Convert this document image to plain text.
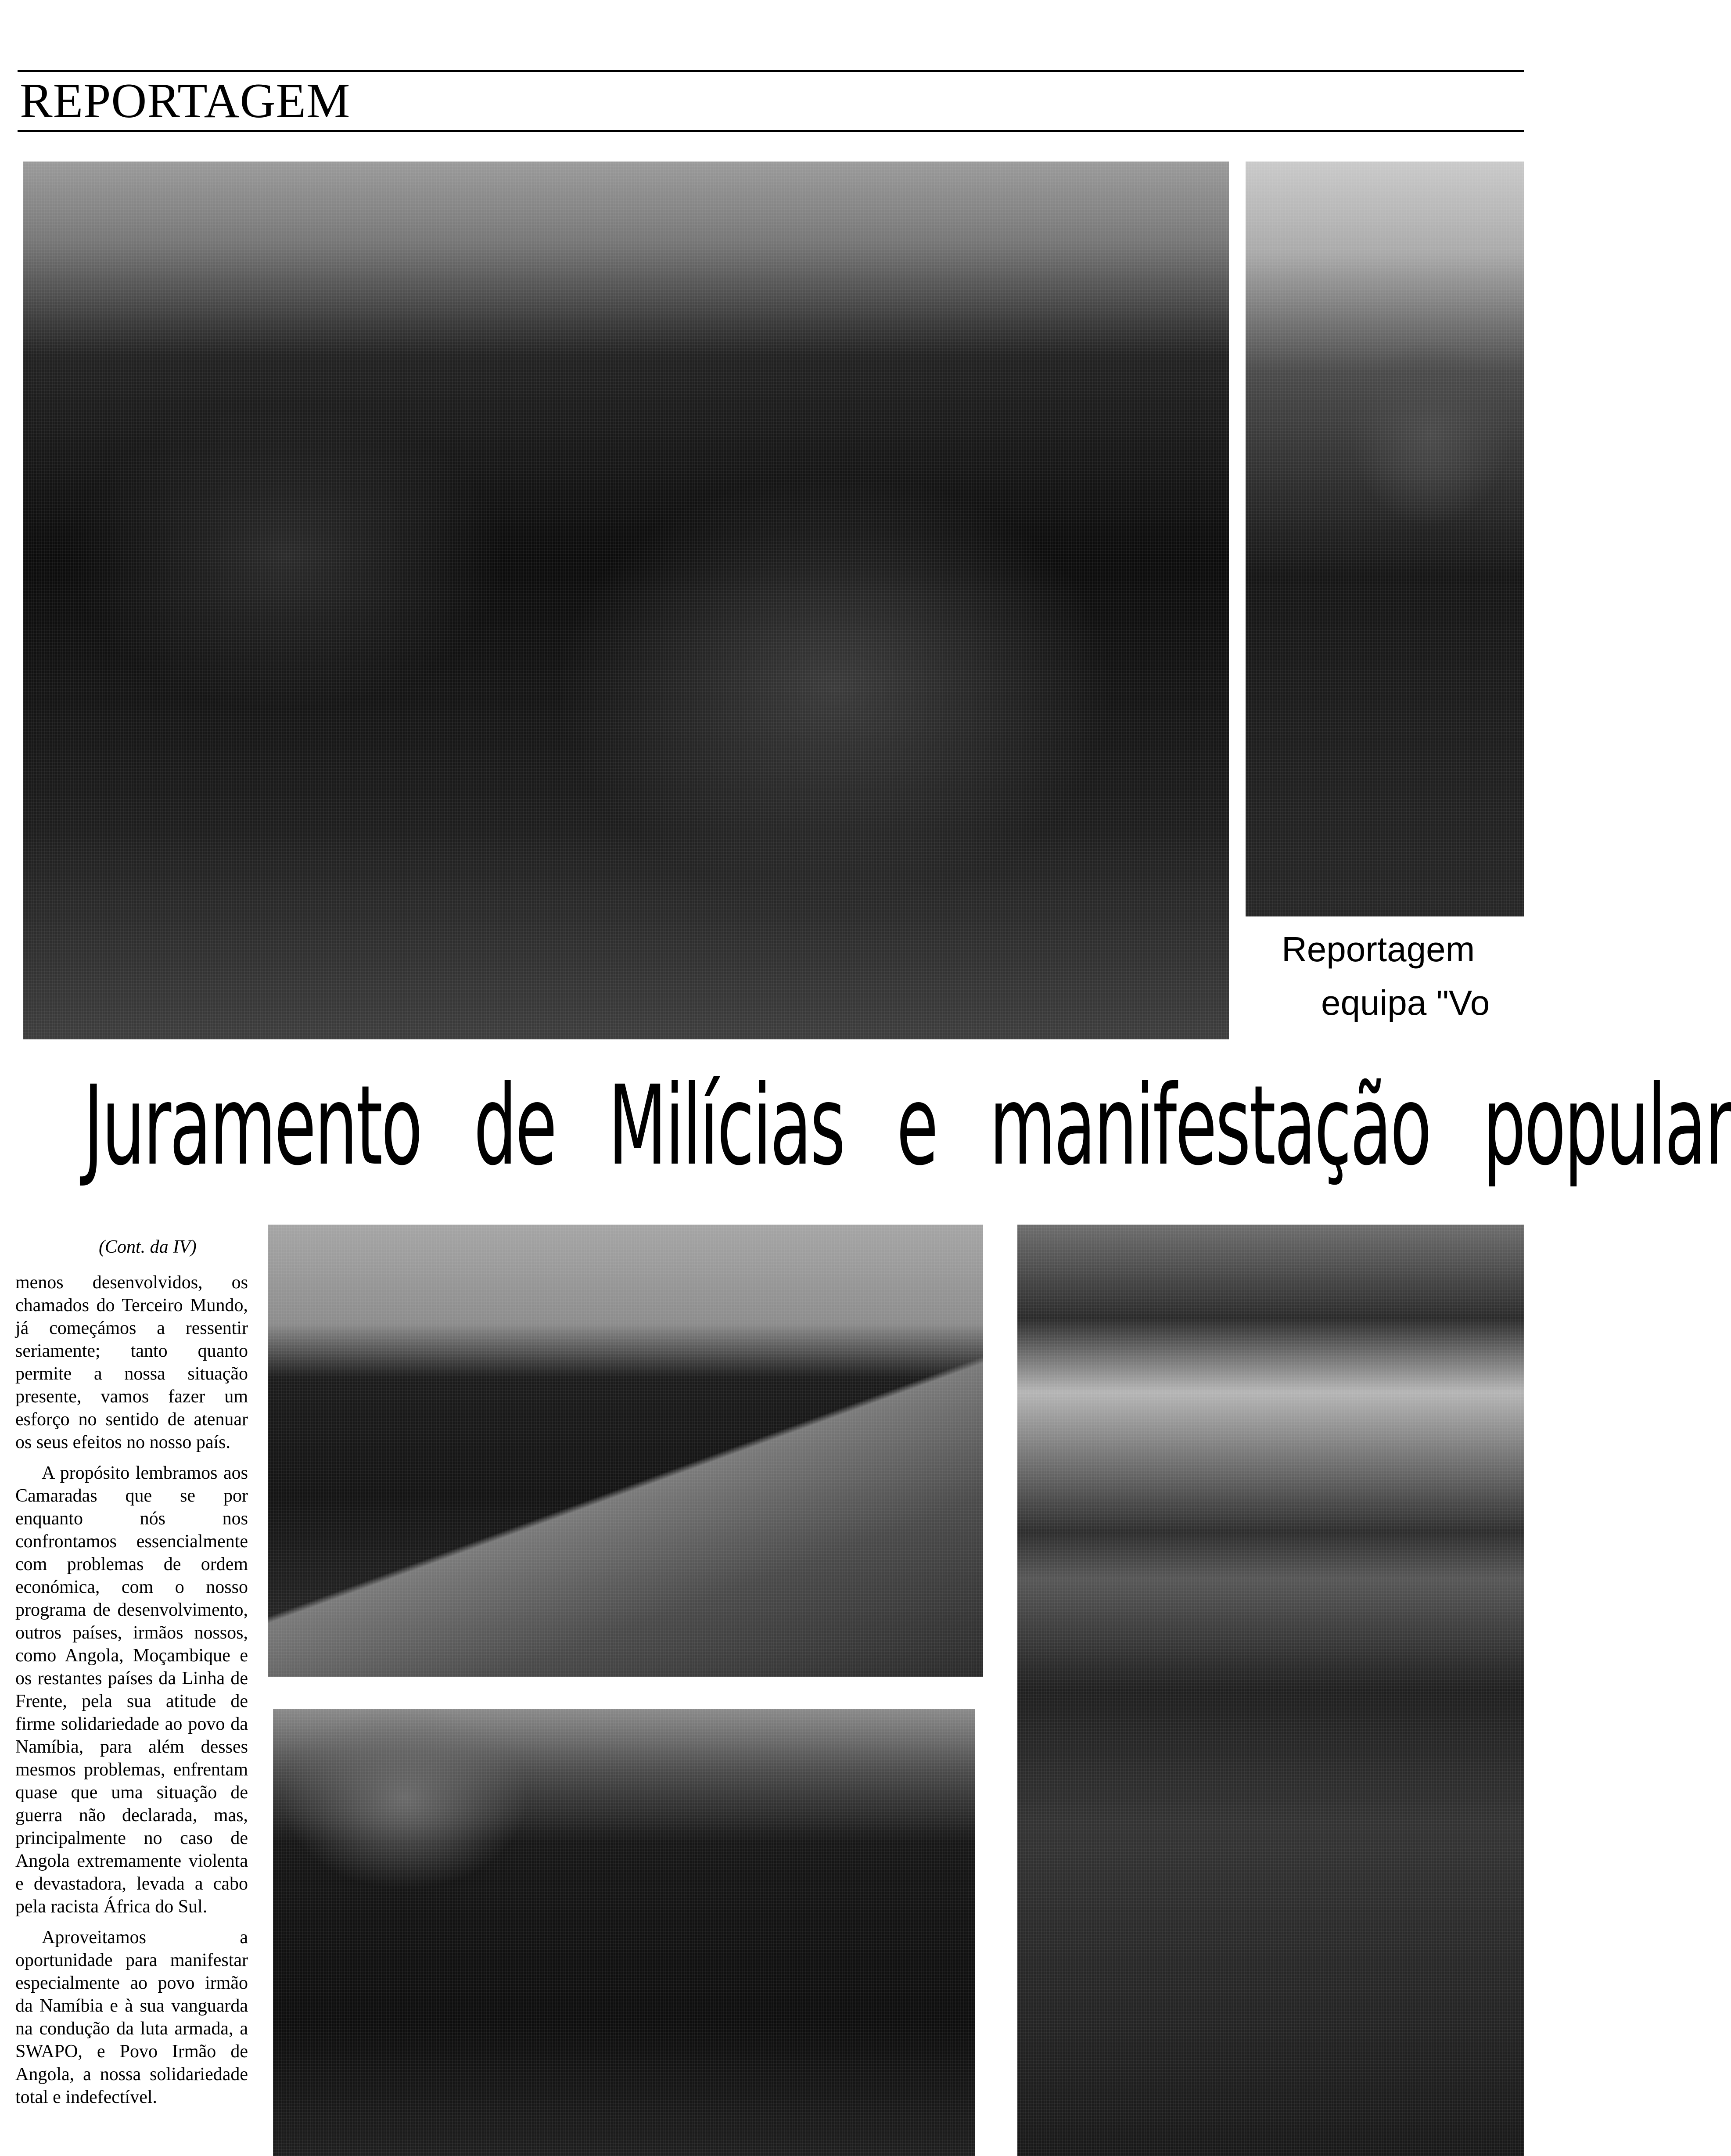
REPORTAGEM
Reportagem
equipa "Vo
Juramento de Milícias e manifestação popular
(Cont. da IV)

menos desenvolvidos, os chamados do Terceiro Mundo, já começámos a ressentir seriamente; tanto quanto permite a nossa situação presente, vamos fazer um esforço no sentido de atenuar os seus efeitos no nosso país.

A propósito lembramos aos Camaradas que se por enquanto nós nos confrontamos essencialmente com problemas de ordem económica, com o nosso programa de desenvolvimento, outros países, irmãos nossos, como Angola, Moçambique e os restantes países da Linha de Frente, pela sua atitude de firme solidariedade ao povo da Namíbia, para além desses mesmos problemas, enfrentam quase que uma situação de guerra não declarada, mas, principalmente no caso de Angola extremamente violenta e devastadora, levada a cabo pela racista África do Sul.

Aproveitamos a oportunidade para manifestar especialmente ao povo irmão da Namíbia e à sua vanguarda na condução da luta armada, a SWAPO, e Povo Irmão de Angola, a nossa solidariedade total e indefectível.
